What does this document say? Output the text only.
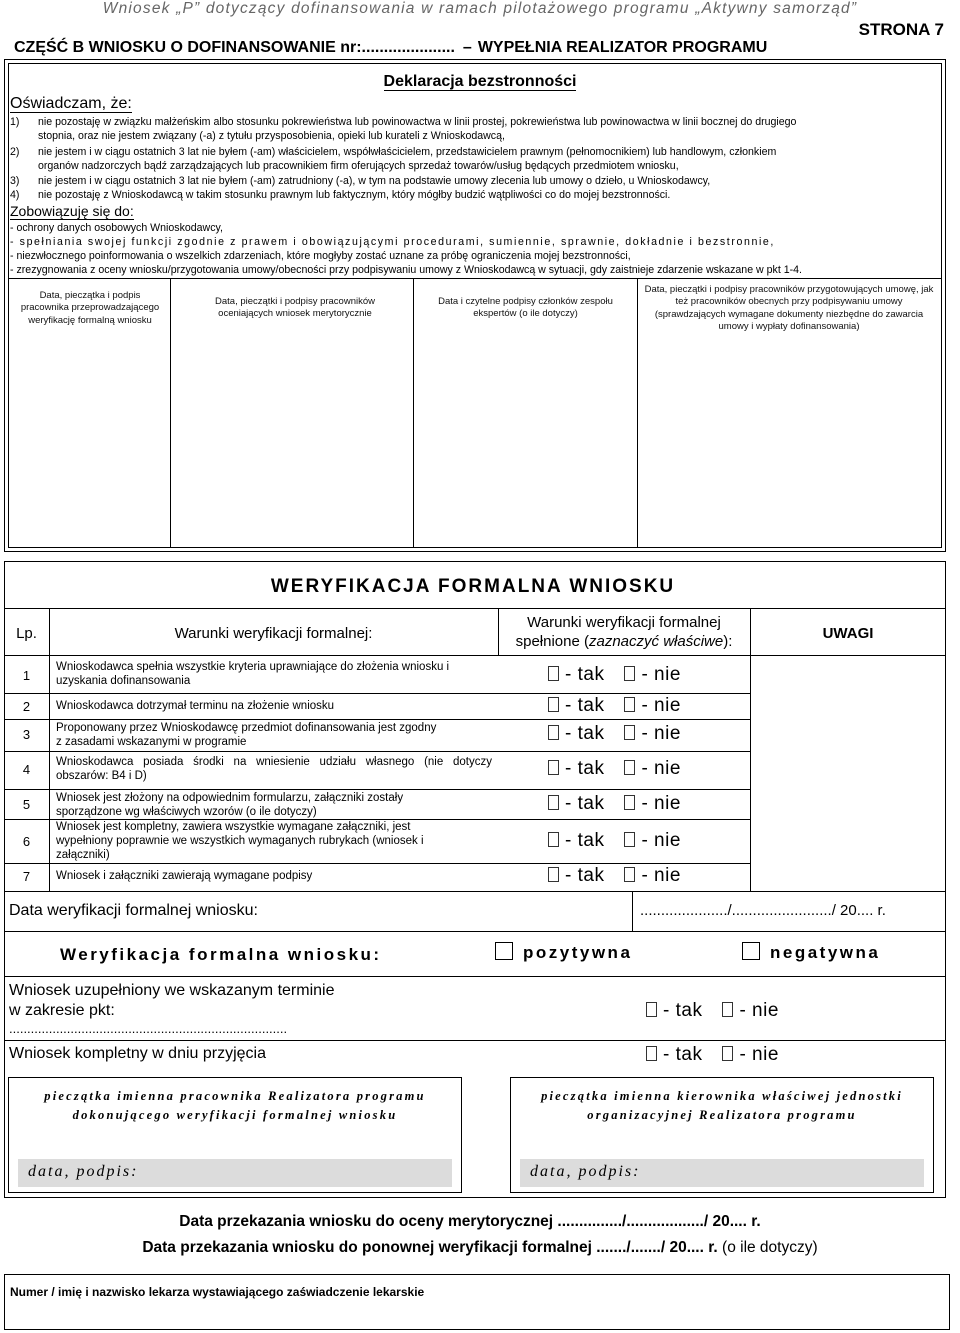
Wniosek „P” dotyczący dofinansowania w ramach pilotażowego programu „Aktywny samorząd”
STRONA 7
CZĘŚĆ B WNIOSKU O DOFINANSOWANIE nr:..................... – WYPEŁNIA REALIZATOR PROGRAMU
Deklaracja bezstronności
Oświadczam, że:
1) nie pozostaję w związku małżeńskim albo stosunku pokrewieństwa lub powinowactwa w linii prostej, pokrewieństwa lub powinowactwa w linii bocznej do drugiego
stopnia, oraz nie jestem związany (-a) z tytułu przysposobienia, opieki lub kurateli z Wnioskodawcą,
2) nie jestem i w ciągu ostatnich 3 lat nie byłem (-am) właścicielem, współwłaścicielem, przedstawicielem prawnym (pełnomocnikiem) lub handlowym, członkiem
organów nadzorczych bądź zarządzających lub pracownikiem firm oferujących sprzedaż towarów/usług będących przedmiotem wniosku,
3) nie jestem i w ciągu ostatnich 3 lat nie byłem (-am) zatrudniony (-a), w tym na podstawie umowy zlecenia lub umowy o dzieło, u Wnioskodawcy,
4) nie pozostaję z Wnioskodawcą w takim stosunku prawnym lub faktycznym, który mógłby budzić wątpliwości co do mojej bezstronności.
Zobowiązuję się do:
- ochrony danych osobowych Wnioskodawcy,
- spełniania swojej funkcji zgodnie z prawem i obowiązującymi procedurami, sumiennie, sprawnie, dokładnie i bezstronnie,
- niezwłocznego poinformowania o wszelkich zdarzeniach, które mogłyby zostać uznane za próbę ograniczenia mojej bezstronności,
- zrezygnowania z oceny wniosku/przygotowania umowy/obecności przy podpisywaniu umowy z Wnioskodawcą w sytuacji, gdy zaistnieje zdarzenie wskazane w pkt 1-4.
Data, pieczątka i podpis pracownika przeprowadzającego weryfikację formalną wniosku
Data, pieczątki i podpisy pracowników oceniających wniosek merytorycznie
Data i czytelne podpisy członków zespołu ekspertów (o ile dotyczy)
Data, pieczątki i podpisy pracowników przygotowujących umowę, jak też pracowników obecnych przy podpisywaniu umowy (sprawdzających wymagane dokumenty niezbędne do zawarcia umowy i wypłaty dofinansowania)
WERYFIKACJA FORMALNA WNIOSKU
Lp.	Warunki weryfikacji formalnej:
Warunki weryfikacji formalnej
spełnione (zaznaczyć właściwe):	UWAGI
1
Wnioskodawca spełnia wszystkie kryteria uprawniające do złożenia wniosku i
uzyskania dofinansowania	- tak - nie
2	Wnioskodawca dotrzymał terminu na złożenie wniosku	- tak - nie
3	Proponowany przez Wnioskodawcę przedmiot dofinansowania jest zgodny
z zasadami wskazanymi w programie	- tak - nie
4	Wnioskodawca posiada środki na wniesienie udziału własnego (nie dotyczy
obszarów: B4 i D)	- tak - nie
5	Wniosek jest złożony na odpowiednim formularzu, załączniki zostały
sporządzone wg właściwych wzorów (o ile dotyczy)	- tak - nie
6
Wniosek jest kompletny, zawiera wszystkie wymagane załączniki, jest
wypełniony poprawnie we wszystkich wymaganych rubrykach (wniosek i
załączniki)
- tak - nie
7	Wniosek i załączniki zawierają wymagane podpisy	- tak - nie
Data weryfikacji formalnej wniosku:	...................../......................../ 20.... r.
Weryfikacja formalna wniosku:	pozytywna	negatywna
Wniosek uzupełniony we wskazanym terminie
w zakresie pkt:
.............................................................................
- tak - nie
Wniosek kompletny w dniu przyjęcia	- tak - nie
pieczątka imienna pracownika Realizatora programu
dokonującego weryfikacji formalnej wniosku
data, podpis:
pieczątka imienna kierownika właściwej jednostki
organizacyjnej Realizatora programu
data, podpis:
Data przekazania wniosku do oceny merytorycznej .............../................../ 20.... r.
Data przekazania wniosku do ponownej weryfikacji formalnej ......./......./ 20.... r. (o ile dotyczy)
Numer / imię i nazwisko lekarza wystawiającego zaświadczenie lekarskie
